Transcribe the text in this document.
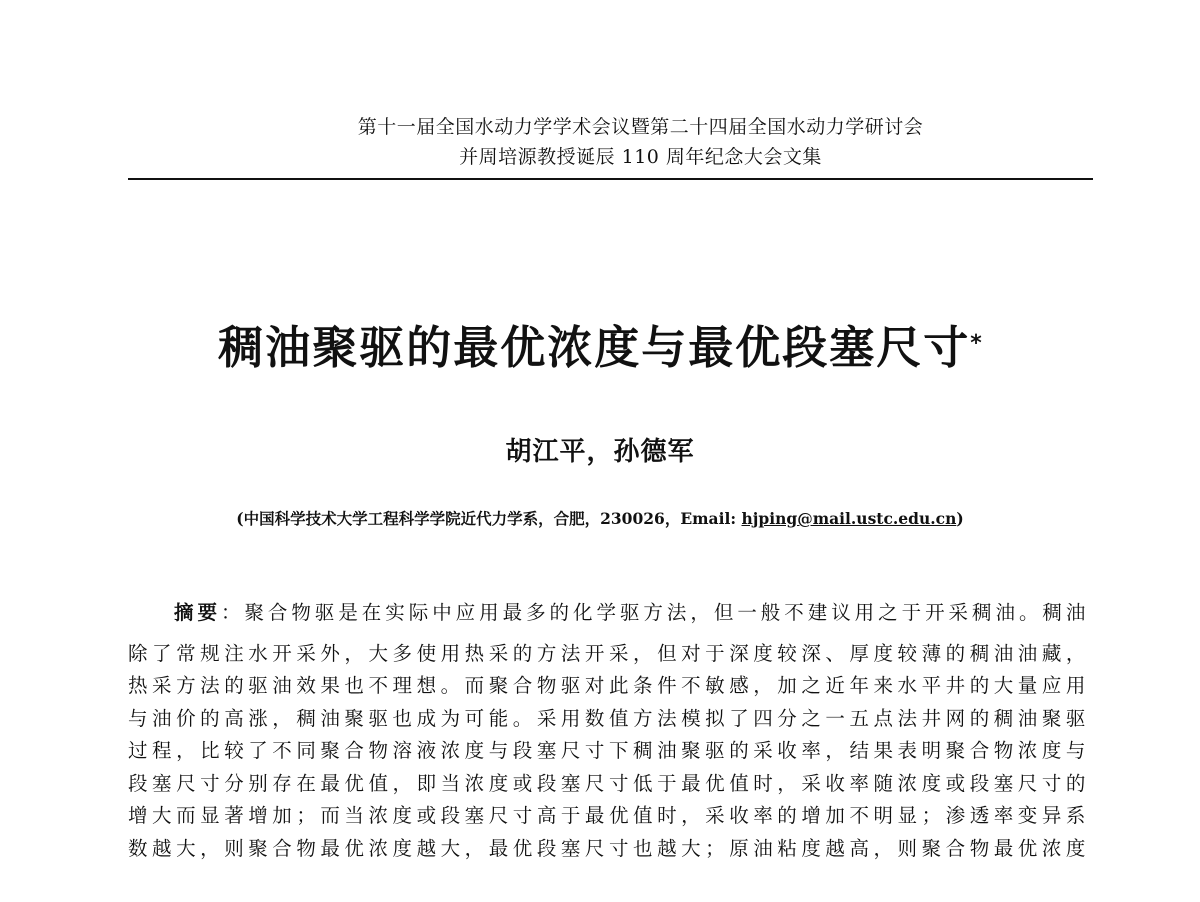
第十一届全国水动力学学术会议暨第二十四届全国水动力学研讨会
并周培源教授诞辰 110 周年纪念大会文集
稠油聚驱的最优浓度与最优段塞尺寸*
胡江平，孙德军
(中国科学技术大学工程科学学院近代力学系，合肥，230026，Email: hjping@mail.ustc.edu.cn)
摘要：聚合物驱是在实际中应用最多的化学驱方法，但一般不建议用之于开采稠油。稠油
除了常规注水开采外，大多使用热采的方法开采，但对于深度较深、厚度较薄的稠油油藏，
热采方法的驱油效果也不理想。而聚合物驱对此条件不敏感，加之近年来水平井的大量应用
与油价的高涨，稠油聚驱也成为可能。采用数值方法模拟了四分之一五点法井网的稠油聚驱
过程，比较了不同聚合物溶液浓度与段塞尺寸下稠油聚驱的采收率，结果表明聚合物浓度与
段塞尺寸分别存在最优值，即当浓度或段塞尺寸低于最优值时，采收率随浓度或段塞尺寸的
增大而显著增加；而当浓度或段塞尺寸高于最优值时，采收率的增加不明显；渗透率变异系
数越大，则聚合物最优浓度越大，最优段塞尺寸也越大；原油粘度越高，则聚合物最优浓度
